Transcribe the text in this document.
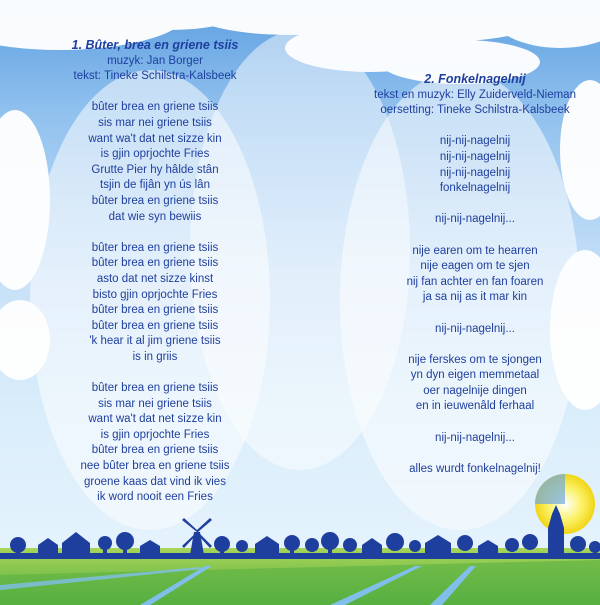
1. Bûter, brea en griene tsiis
muzyk: Jan Borger
tekst: Tineke Schilstra-Kalsbeek
bûter brea en griene tsiis
sis mar nei griene tsiis
want wa't dat net sizze kin
is gjin oprjochte Fries
Grutte Pier hy hâlde stân
tsjin de fijân yn ús lân
bûter brea en griene tsiis
dat wie syn bewiis
bûter brea en griene tsiis
bûter brea en griene tsiis
asto dat net sizze kinst
bisto gjin oprjochte Fries
bûter brea en griene tsiis
bûter brea en griene tsiis
'k hear it al jim griene tsiis
is in griis
bûter brea en griene tsiis
sis mar nei griene tsiis
want wa't dat net sizze kin
is gjin oprjochte Fries
bûter brea en griene tsiis
nee bûter brea en griene tsiis
groene kaas dat vind ik vies
ik word nooit een Fries
2. Fonkelnagelnij
tekst en muzyk: Elly Zuiderveld-Nieman
oersetting: Tineke Schilstra-Kalsbeek
nij-nij-nagelnij
nij-nij-nagelnij
nij-nij-nagelnij
fonkelnagelnij
nij-nij-nagelnij...
nije earen om te hearren
nije eagen om te sjen
nij fan achter en fan foaren
ja sa nij as it mar kin
nij-nij-nagelnij...
nije ferskes om te sjongen
yn dyn eigen memmetaal
oer nagelnije dingen
en in ieuwenâld ferhaal
nij-nij-nagelnij...
alles wurdt fonkelnagelnij!
